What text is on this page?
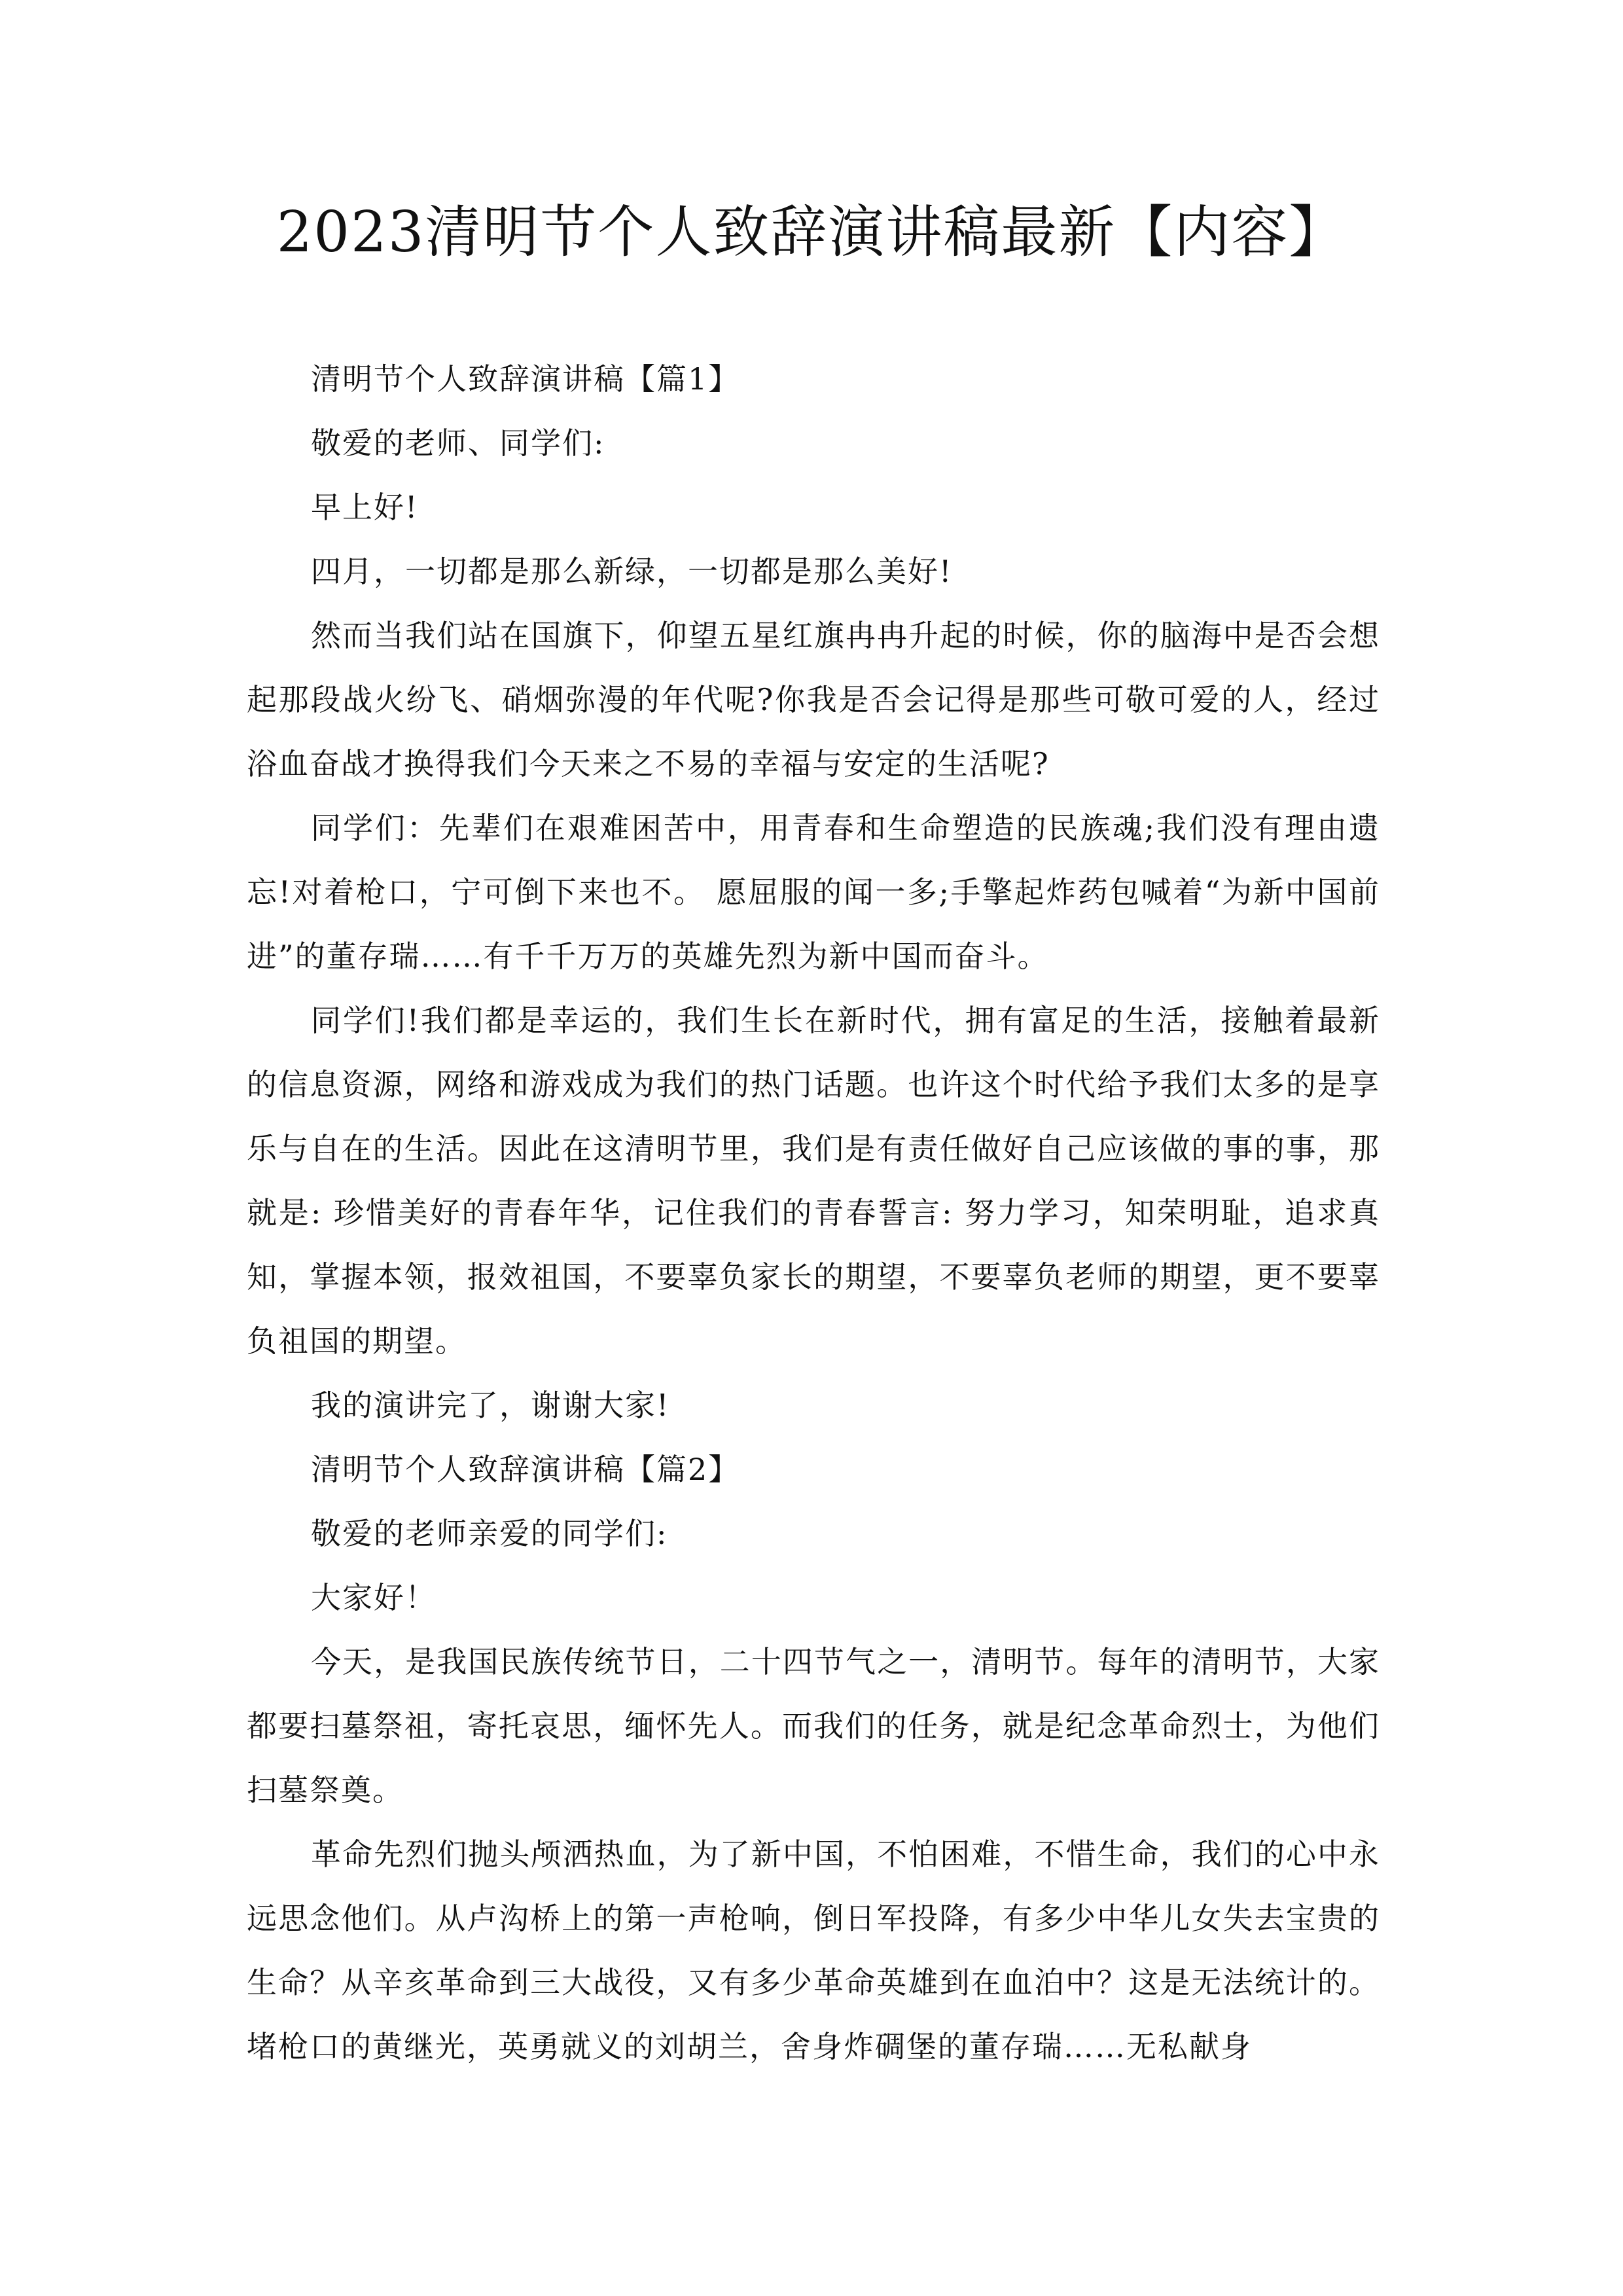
2023清明节个人致辞演讲稿最新【内容】

清明节个人致辞演讲稿【篇1】

敬爱的老师、同学们:

早上好!

四月，一切都是那么新绿，一切都是那么美好!

然而当我们站在国旗下，仰望五星红旗冉冉升起的时候，你的脑海中是否会想起那段战火纷飞、硝烟弥漫的年代呢?你我是否会记得是那些可敬可爱的人，经过浴血奋战才换得我们今天来之不易的幸福与安定的生活呢?

同学们：先辈们在艰难困苦中，用青春和生命塑造的民族魂;我们没有理由遗忘!对着枪口，宁可倒下来也不。 愿屈服的闻一多;手擎起炸药包喊着“为新中国前进”的董存瑞……有千千万万的英雄先烈为新中国而奋斗。

同学们!我们都是幸运的，我们生长在新时代，拥有富足的生活，接触着最新的信息资源，网络和游戏成为我们的热门话题。也许这个时代给予我们太多的是享乐与自在的生活。因此在这清明节里，我们是有责任做好自己应该做的事的事，那就是: 珍惜美好的青春年华，记住我们的青春誓言: 努力学习，知荣明耻，追求真知，掌握本领，报效祖国，不要辜负家长的期望，不要辜负老师的期望，更不要辜负祖国的期望。

我的演讲完了，谢谢大家!

清明节个人致辞演讲稿【篇2】

敬爱的老师亲爱的同学们:

大家好！

今天，是我国民族传统节日，二十四节气之一，清明节。每年的清明节，大家都要扫墓祭祖，寄托哀思，缅怀先人。而我们的任务，就是纪念革命烈士，为他们扫墓祭奠。

革命先烈们抛头颅洒热血，为了新中国，不怕困难，不惜生命，我们的心中永远思念他们。从卢沟桥上的第一声枪响，倒日军投降，有多少中华儿女失去宝贵的生命？从辛亥革命到三大战役，又有多少革命英雄到在血泊中？这是无法统计的。堵枪口的黄继光，英勇就义的刘胡兰，舍身炸碉堡的董存瑞……无私献身
